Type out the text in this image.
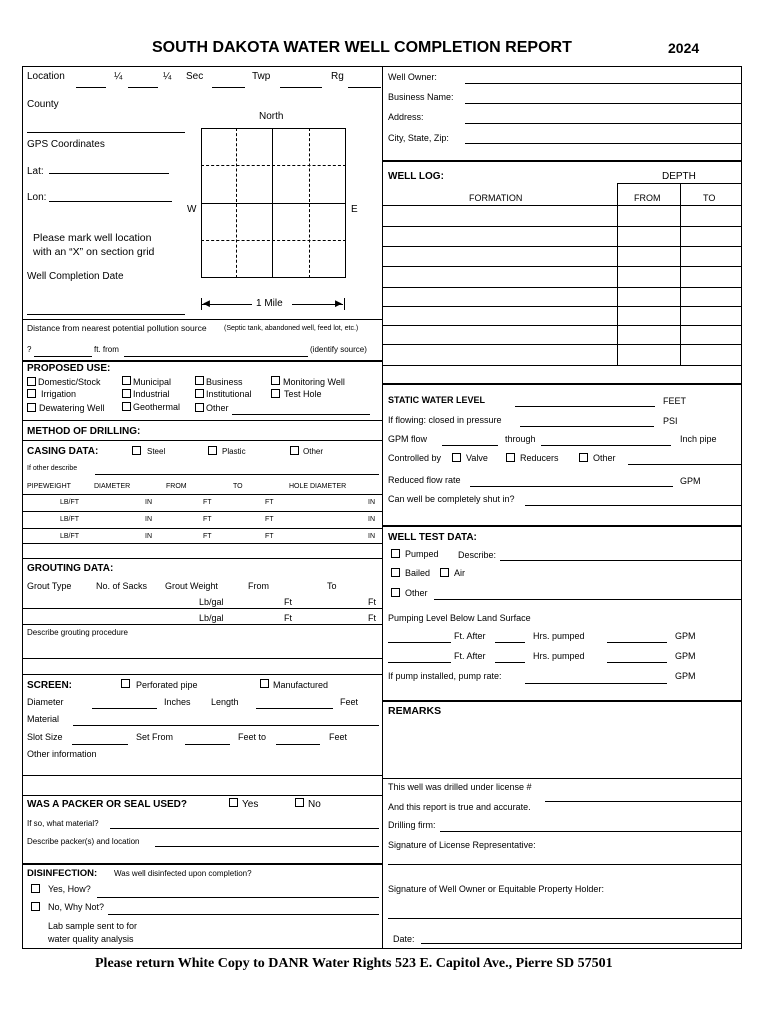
SOUTH DAKOTA WATER WELL COMPLETION REPORT	2024
Location	¼	¼ Sec	Twp	Rg
County
GPS Coordinates
Lat:
Lon:
North
W	E
Please mark well location
with an “X” on section grid
Well Completion Date
◀	▶
1 Mile
Distance from nearest potential pollution source (Septic tank, abandoned well, feed lot, etc.)
?	ft. from	(identify source)
PROPOSED USE:
Domestic/Stock	Municipal	Business	Monitoring Well
Irrigation	Industrial	Institutional	Test Hole
Dewatering Well	Geothermal	Other
METHOD OF DRILLING:
CASING DATA:	Steel	Plastic	Other
If other describe
PIPEWEIGHT	DIAMETER	FROM	TO	HOLE DIAMETER
LB/FT	IN	FT	FT	IN
LB/FT	IN	FT	FT	IN
LB/FT	IN	FT	FT	IN
GROUTING DATA:
Grout Type	No. of Sacks Grout Weight	From	To
Lb/gal	Ft	Ft
Lb/gal	Ft	Ft
Describe grouting procedure
SCREEN:	Perforated pipe	Manufactured
Diameter	Inches Length	Feet
Material
Slot Size	Set From	Feet to	Feet
Other information
WAS A PACKER OR SEAL USED?	Yes	No
If so, what material?
Describe packer(s) and location
DISINFECTION: Was well disinfected upon completion?
Yes, How?
No, Why Not?
Lab sample sent to for
water quality analysis
Well Owner:
Business Name:
Address:
City, State, Zip:
WELL LOG:	DEPTH
FORMATION	FROM	TO
STATIC WATER LEVEL	FEET
If flowing: closed in pressure	PSI
GPM flow	through	Inch pipe
Controlled by	Valve	Reducers	Other
Reduced flow rate	GPM
Can well be completely shut in?
WELL TEST DATA:
Pumped Describe:
Bailed	Air
Other
Pumping Level Below Land Surface
Ft. After	Hrs. pumped	GPM
Ft. After	Hrs. pumped	GPM
If pump installed, pump rate:	GPM
REMARKS
This well was drilled under license #
And this report is true and accurate.
Drilling firm:
Signature of License Representative:
Signature of Well Owner or Equitable Property Holder:
Date:
Please return White Copy to DANR Water Rights 523 E. Capitol Ave., Pierre SD 57501
